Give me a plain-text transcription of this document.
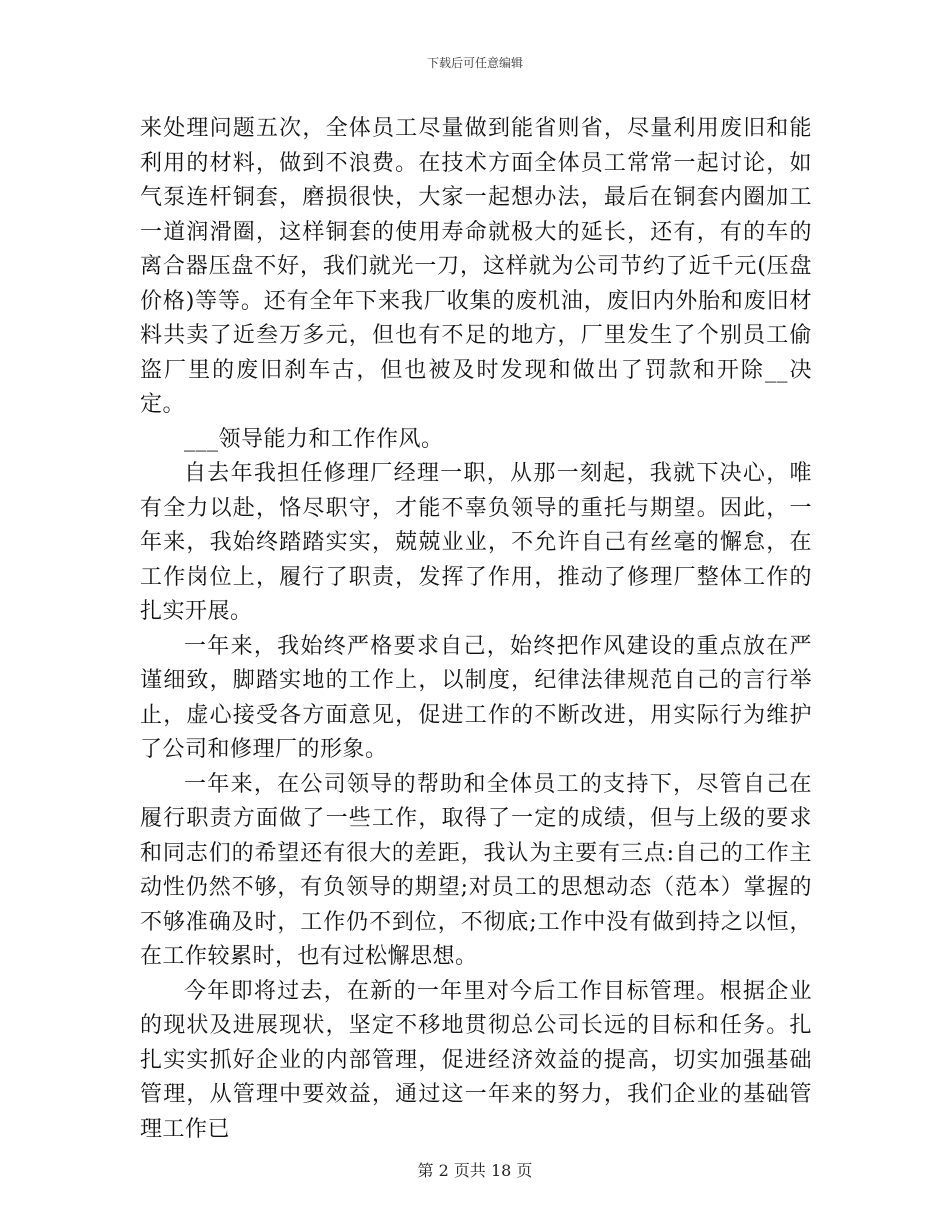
下载后可任意编辑

来处理问题五次，全体员工尽量做到能省则省，尽量利用废旧和能利用的材料，做到不浪费。在技术方面全体员工常常一起讨论，如气泵连杆铜套，磨损很快，大家一起想办法，最后在铜套内圈加工一道润滑圈，这样铜套的使用寿命就极大的延长，还有，有的车的离合器压盘不好，我们就光一刀，这样就为公司节约了近千元(压盘价格)等等。还有全年下来我厂收集的废机油，废旧内外胎和废旧材料共卖了近叁万多元，但也有不足的地方，厂里发生了个别员工偷盗厂里的废旧刹车古，但也被及时发现和做出了罚款和开除__决定。

___领导能力和工作作风。

自去年我担任修理厂经理一职，从那一刻起，我就下决心，唯有全力以赴，恪尽职守，才能不辜负领导的重托与期望。因此，一年来，我始终踏踏实实，兢兢业业，不允许自己有丝毫的懈怠，在工作岗位上，履行了职责，发挥了作用，推动了修理厂整体工作的扎实开展。

一年来，我始终严格要求自己，始终把作风建设的重点放在严谨细致，脚踏实地的工作上，以制度，纪律法律规范自己的言行举止，虚心接受各方面意见，促进工作的不断改进，用实际行为维护了公司和修理厂的形象。

一年来，在公司领导的帮助和全体员工的支持下，尽管自己在履行职责方面做了一些工作，取得了一定的成绩，但与上级的要求和同志们的希望还有很大的差距，我认为主要有三点:自己的工作主动性仍然不够，有负领导的期望;对员工的思想动态（范本）掌握的不够准确及时，工作仍不到位，不彻底;工作中没有做到持之以恒，在工作较累时，也有过松懈思想。

今年即将过去，在新的一年里对今后工作目标管理。根据企业的现状及进展现状，坚定不移地贯彻总公司长远的目标和任务。扎扎实实抓好企业的内部管理，促进经济效益的提高，切实加强基础管理，从管理中要效益，通过这一年来的努力，我们企业的基础管理工作已

第 2 页共 18 页
